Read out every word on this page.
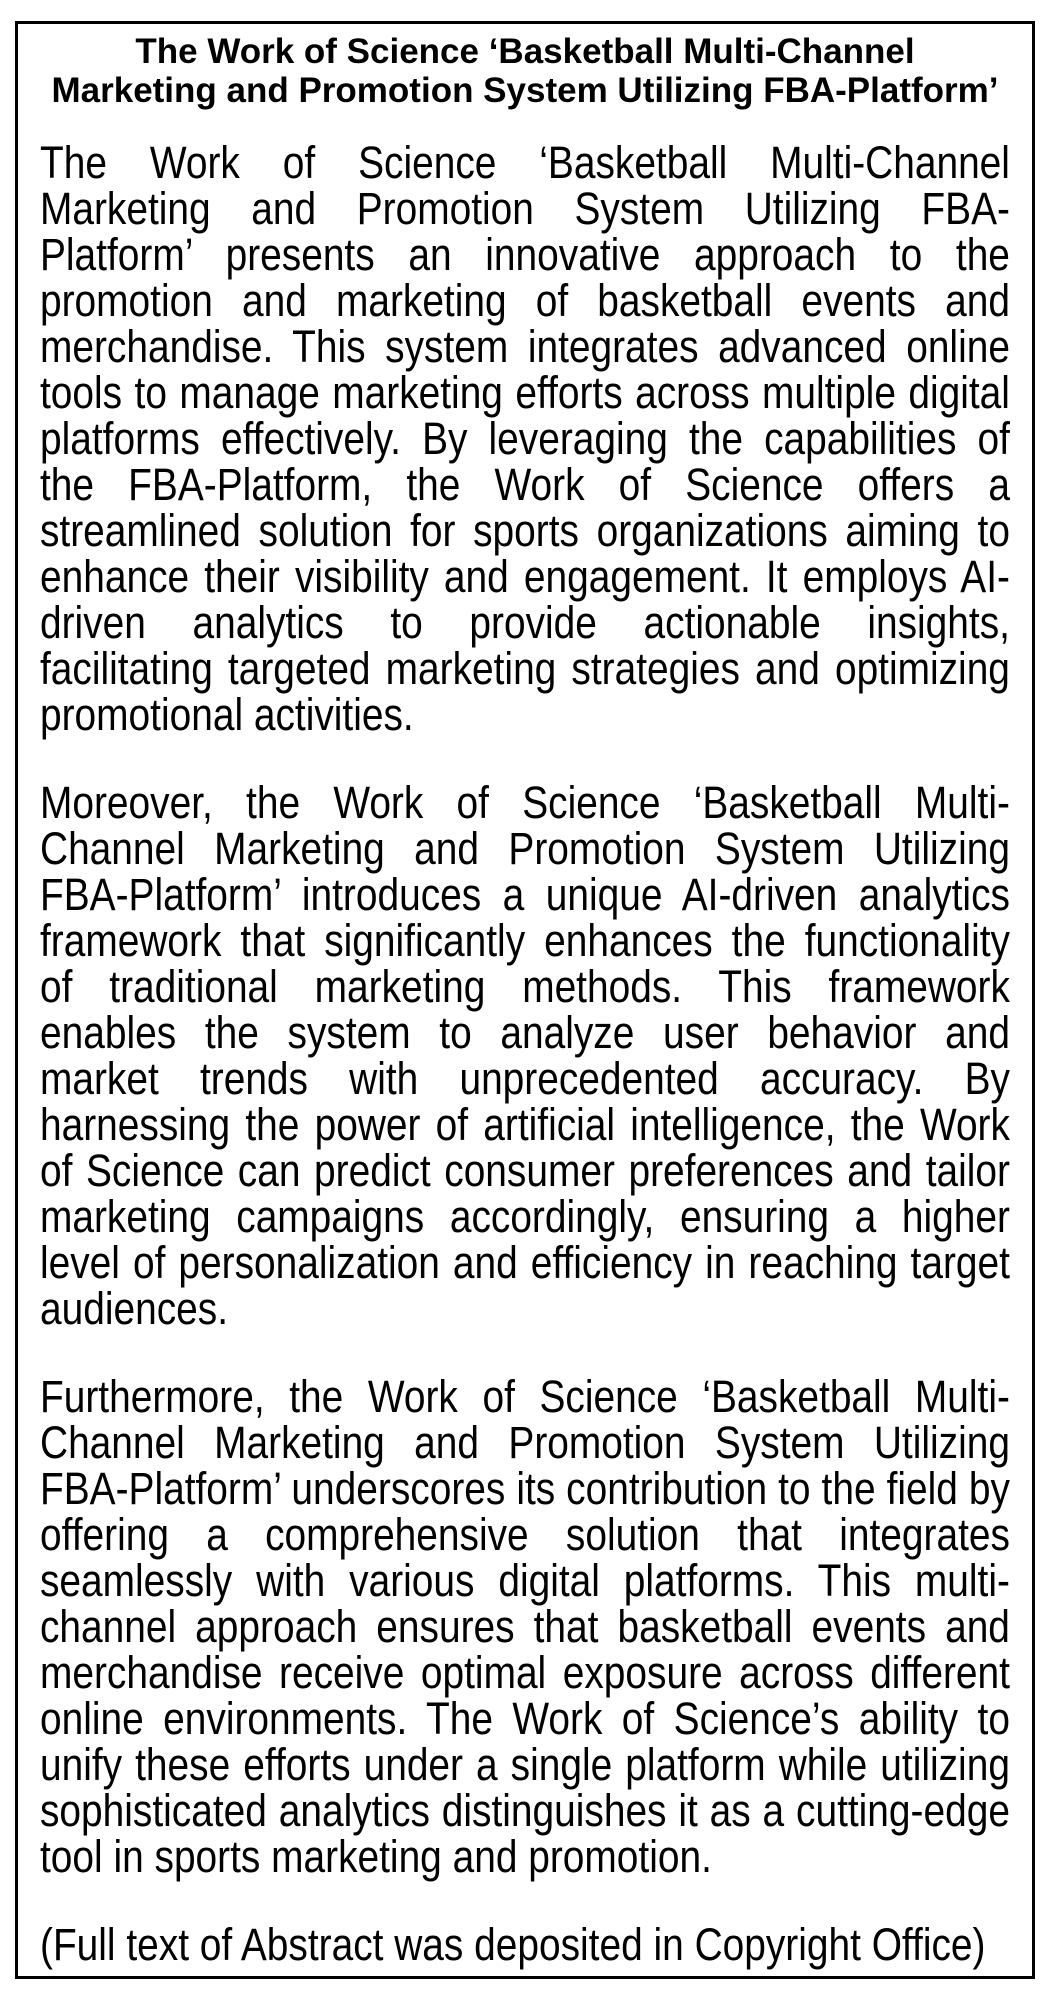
The Work of Science ‘Basketball Multi-Channel
Marketing and Promotion System Utilizing FBA-Platform’

The Work of Science ‘Basketball Multi-Channel Marketing and Promotion System Utilizing FBA-Platform’ presents an innovative approach to the promotion and marketing of basketball events and merchandise. This system integrates advanced online tools to manage marketing efforts across multiple digital platforms effectively. By leveraging the capabilities of the FBA-Platform, the Work of Science offers a streamlined solution for sports organizations aiming to enhance their visibility and engagement. It employs AI-driven analytics to provide actionable insights, facilitating targeted marketing strategies and optimizing promotional activities.

Moreover, the Work of Science ‘Basketball Multi-Channel Marketing and Promotion System Utilizing FBA-Platform’ introduces a unique AI-driven analytics framework that significantly enhances the functionality of traditional marketing methods. This framework enables the system to analyze user behavior and market trends with unprecedented accuracy. By harnessing the power of artificial intelligence, the Work of Science can predict consumer preferences and tailor marketing campaigns accordingly, ensuring a higher level of personalization and efficiency in reaching target audiences.

Furthermore, the Work of Science ‘Basketball Multi-Channel Marketing and Promotion System Utilizing FBA-Platform’ underscores its contribution to the field by offering a comprehensive solution that integrates seamlessly with various digital platforms. This multi-channel approach ensures that basketball events and merchandise receive optimal exposure across different online environments. The Work of Science’s ability to unify these efforts under a single platform while utilizing sophisticated analytics distinguishes it as a cutting-edge tool in sports marketing and promotion.

(Full text of Abstract was deposited in Copyright Office)
